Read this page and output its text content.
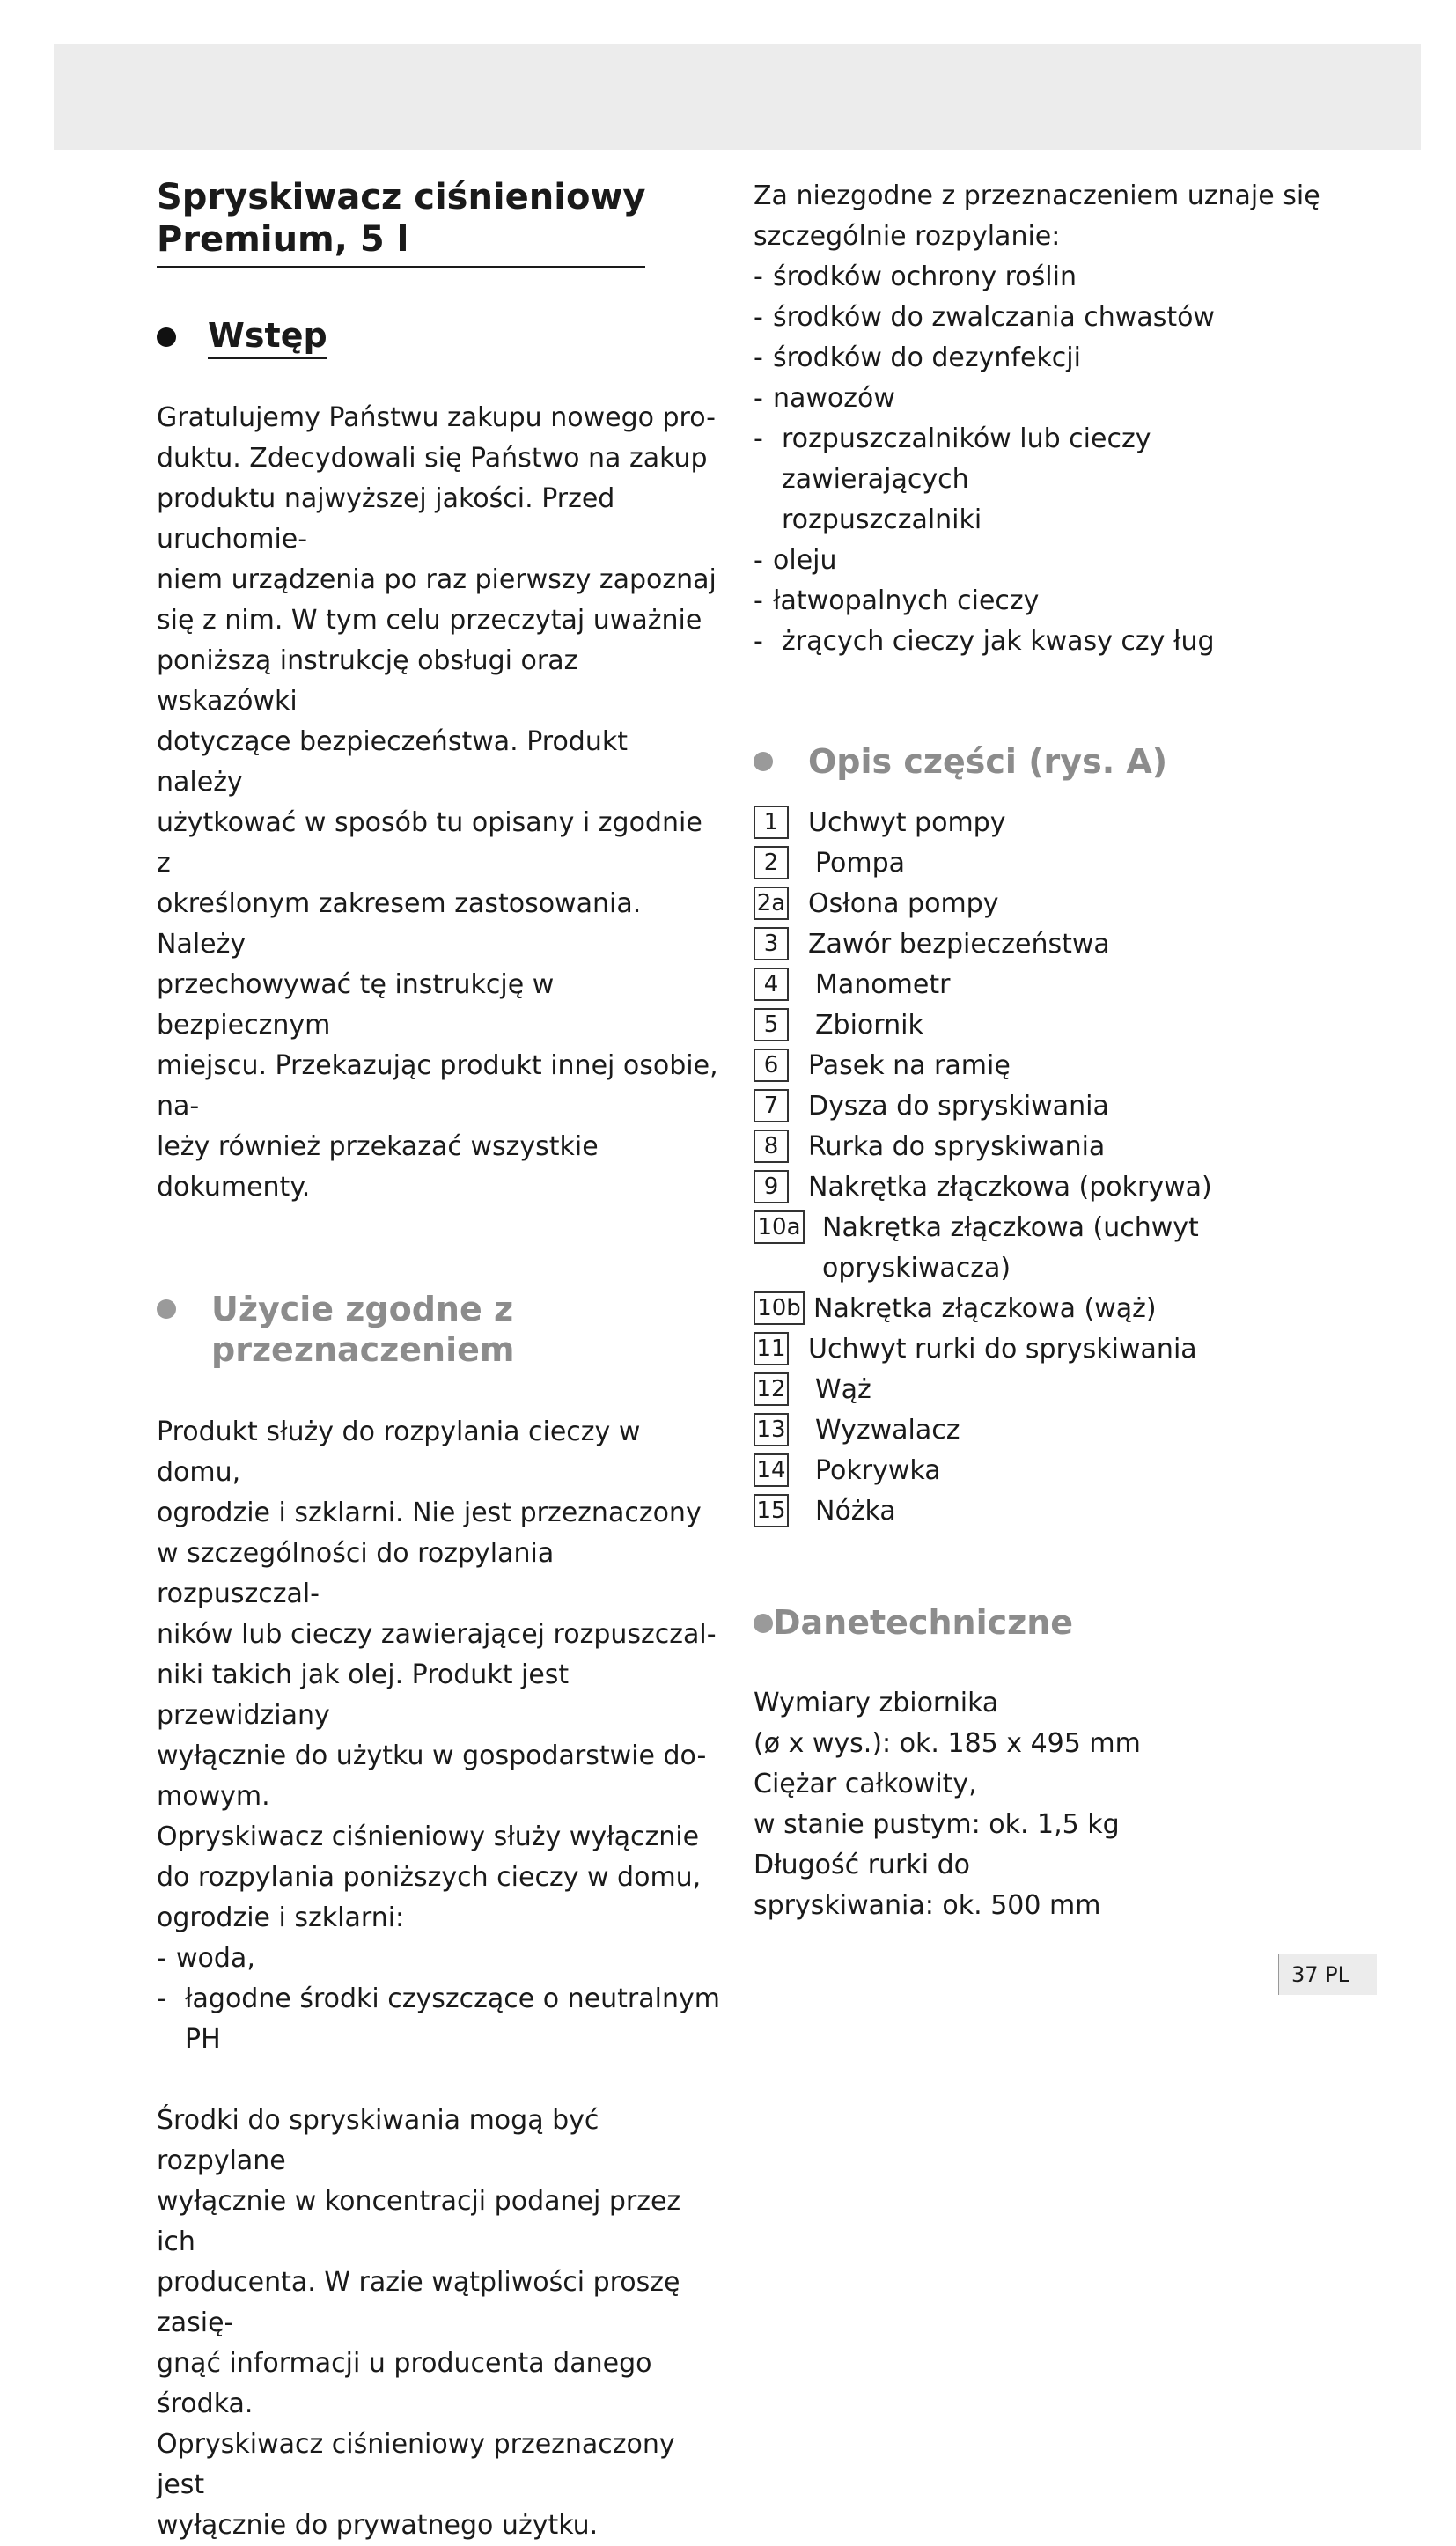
Spryskiwacz ciśnieniowy
Premium, 5 l
Wstęp

Gratulujemy Państwu zakupu nowego pro-

duktu. Zdecydowali się Państwo na zakup

produktu najwyższej jakości. Przed uruchomie-

niem urządzenia po raz pierwszy zapoznaj

się z nim. W tym celu przeczytaj uważnie

poniższą instrukcję obsługi oraz wskazówki

dotyczące bezpieczeństwa. Produkt należy

użytkować w sposób tu opisany i zgodnie z

określonym zakresem zastosowania. Należy

przechowywać tę instrukcję w bezpiecznym

miejscu. Przekazując produkt innej osobie, na-

leży również przekazać wszystkie dokumenty.

Użycie zgodne z
przeznaczeniem

Produkt służy do rozpylania cieczy w domu,

ogrodzie i szklarni. Nie jest przeznaczony

w szczególności do rozpylania rozpuszczal-

ników lub cieczy zawierającej rozpuszczal-

niki takich jak olej. Produkt jest przewidziany

wyłącznie do użytku w gospodarstwie do-

mowym.

Opryskiwacz ciśnieniowy służy wyłącznie

do rozpylania poniższych cieczy w domu,

ogrodzie i szklarni:

- woda,
- łagodne środki czyszczące o neutralnym PH

Środki do spryskiwania mogą być rozpylane

wyłącznie w koncentracji podanej przez ich

producenta. W razie wątpliwości proszę zasię-

gnąć informacji u producenta danego środka.

Opryskiwacz ciśnieniowy przeznaczony jest

wyłącznie do prywatnego użytku.

Za niezgodne z przeznaczeniem uznaje się

szczególnie rozpylanie:

- środków ochrony roślin
- środków do zwalczania chwastów
- środków do dezynfekcji
- nawozów
- rozpuszczalników lub cieczy zawierających
rozpuszczalniki
- oleju
- łatwopalnych cieczy
- żrących cieczy jak kwasy czy ług
Opis części (rys. A)
1	Uchwyt pompy
2	Pompa
2a Osłona pompy
3	Zawór bezpieczeństwa
4	Manometr
5	Zbiornik
6	Pasek na ramię
7	Dysza do spryskiwania
8	Rurka do spryskiwania
9	Nakrętka złączkowa (pokrywa)
10a Nakrętka złączkowa (uchwyt
opryskiwacza)
10b Nakrętka złączkowa (wąż)
11 Uchwyt rurki do spryskiwania
12 Wąż
13 Wyzwalacz
14 Pokrywka
15 Nóżka
Danetechniczne

Wymiary zbiornika

(ø x wys.): ok. 185 x 495 mm

Ciężar całkowity,

w stanie pustym: ok. 1,5 kg

Długość rurki do

spryskiwania: ok. 500 mm

37 PL
